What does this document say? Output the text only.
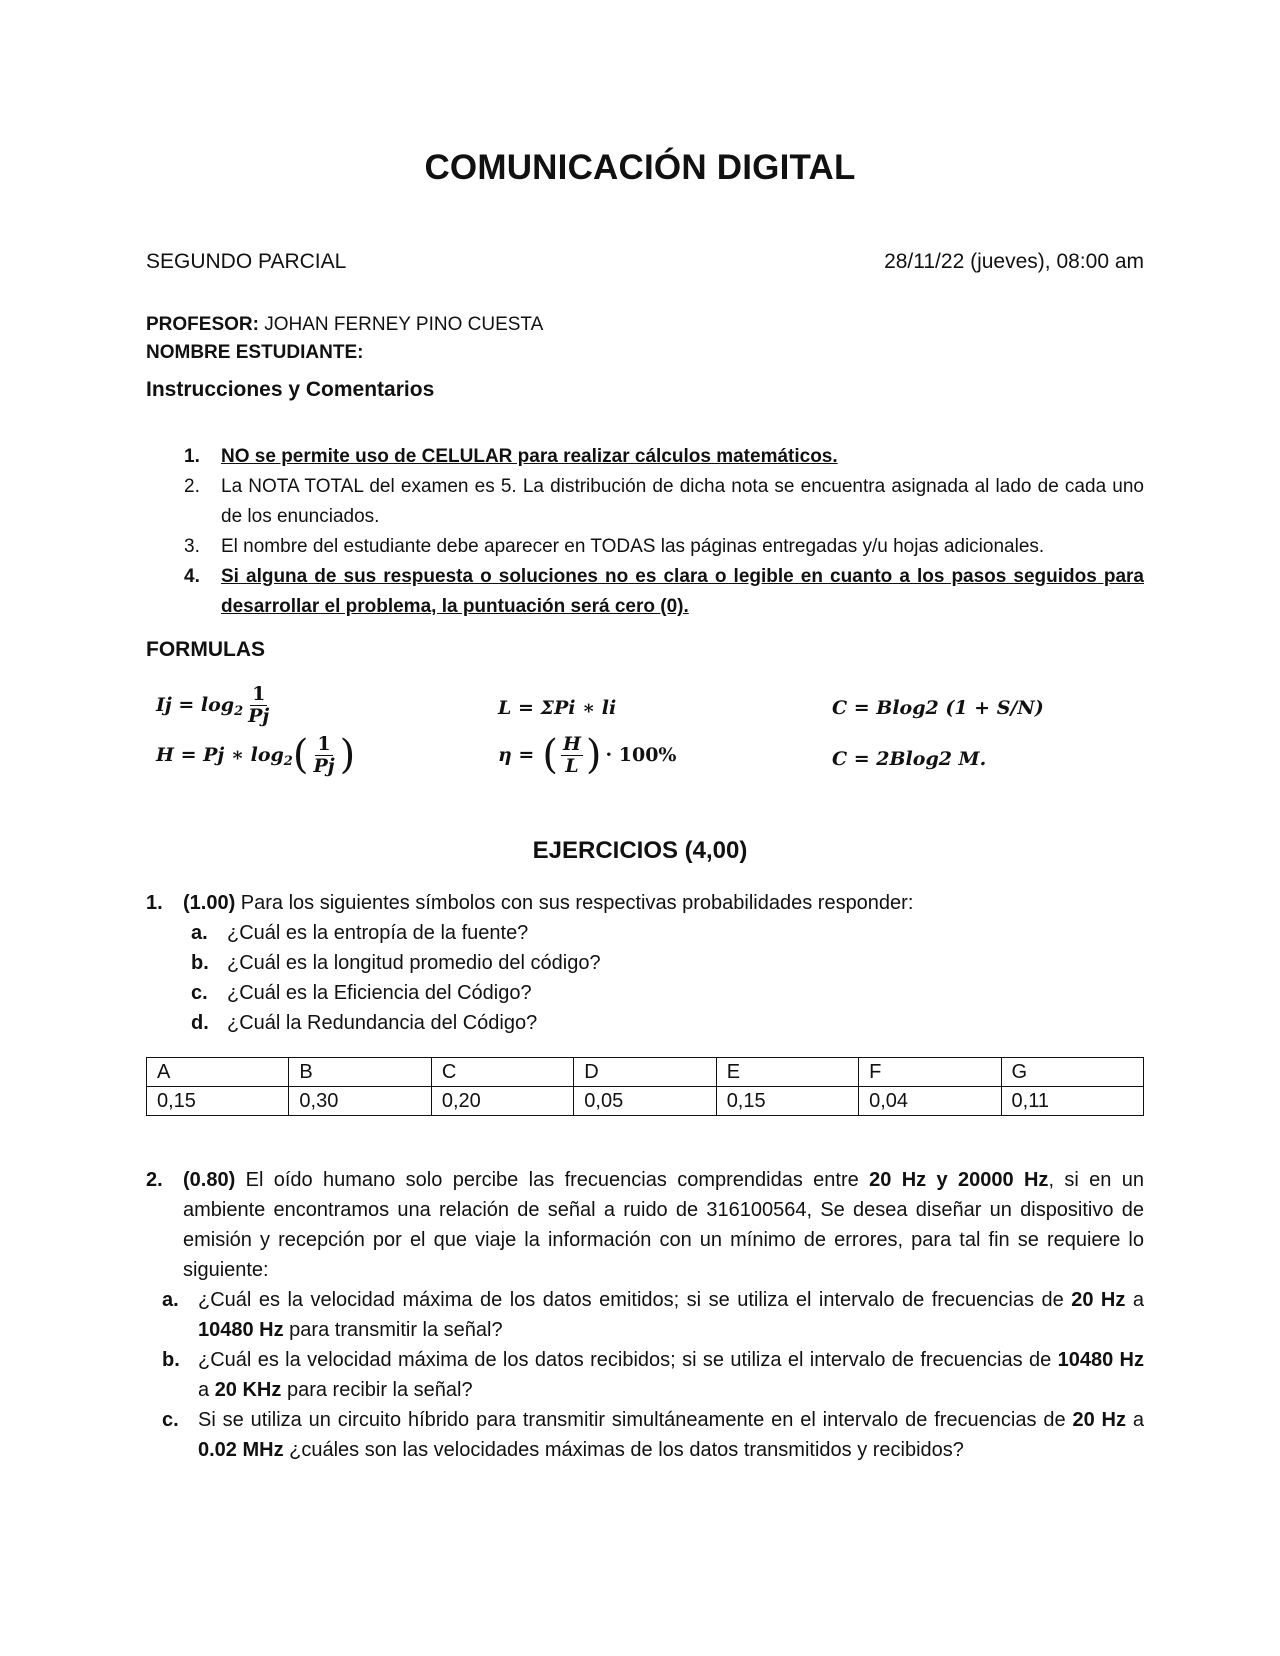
COMUNICACIÓN DIGITAL
SEGUNDO PARCIAL	28/11/22 (jueves), 08:00 am
PROFESOR: JOHAN FERNEY PINO CUESTA
NOMBRE ESTUDIANTE:
Instrucciones y Comentarios
1. NO se permite uso de CELULAR para realizar cálculos matemáticos.
2. La NOTA TOTAL del examen es 5. La distribución de dicha nota se encuentra asignada al lado de cada uno de los enunciados.
3. El nombre del estudiante debe aparecer en TODAS las páginas entregadas y/u hojas adicionales.
4. Si alguna de sus respuesta o soluciones no es clara o legible en cuanto a los pasos seguidos para desarrollar el problema, la puntuación será cero (0).
FORMULAS
$Ij = \log 2 \frac{1}{Pj}$	L = ΣPi ∗ li	C = Blog2 (1 + S/N)
H = Pj ∗ log 2 ( $\frac{1}{Pj}$ )	η = ( $\frac{H}{L}$ ) · 100%	C = 2Blog2 M.
EJERCICIOS (4,00)
1.	(1.00) Para los siguientes símbolos con sus respectivas probabilidades responder:
a. ¿Cuál es la entropía de la fuente?
b. ¿Cuál es la longitud promedio del código?
c. ¿Cuál es la Eficiencia del Código?
d. ¿Cuál la Redundancia del Código?
A	B	C	D	E	F	G
0,15	0,30	0,20	0,05	0,15	0,04	0,11
2.	(0.80) El oído humano solo percibe las frecuencias comprendidas entre 20 Hz y 20000 Hz, si en un ambiente encontramos una relación de señal a ruido de 316100564, Se desea diseñar un dispositivo de emisión y recepción por el que viaje la información con un mínimo de errores, para tal fin se requiere lo siguiente:
a. ¿Cuál es la velocidad máxima de los datos emitidos; si se utiliza el intervalo de frecuencias de 20 Hz a 10480 Hz para transmitir la señal?
b. ¿Cuál es la velocidad máxima de los datos recibidos; si se utiliza el intervalo de frecuencias de 10480 Hz a 20 KHz para recibir la señal?
c. Si se utiliza un circuito híbrido para transmitir simultáneamente en el intervalo de frecuencias de 20 Hz a 0.02 MHz ¿cuáles son las velocidades máximas de los datos transmitidos y recibidos?
